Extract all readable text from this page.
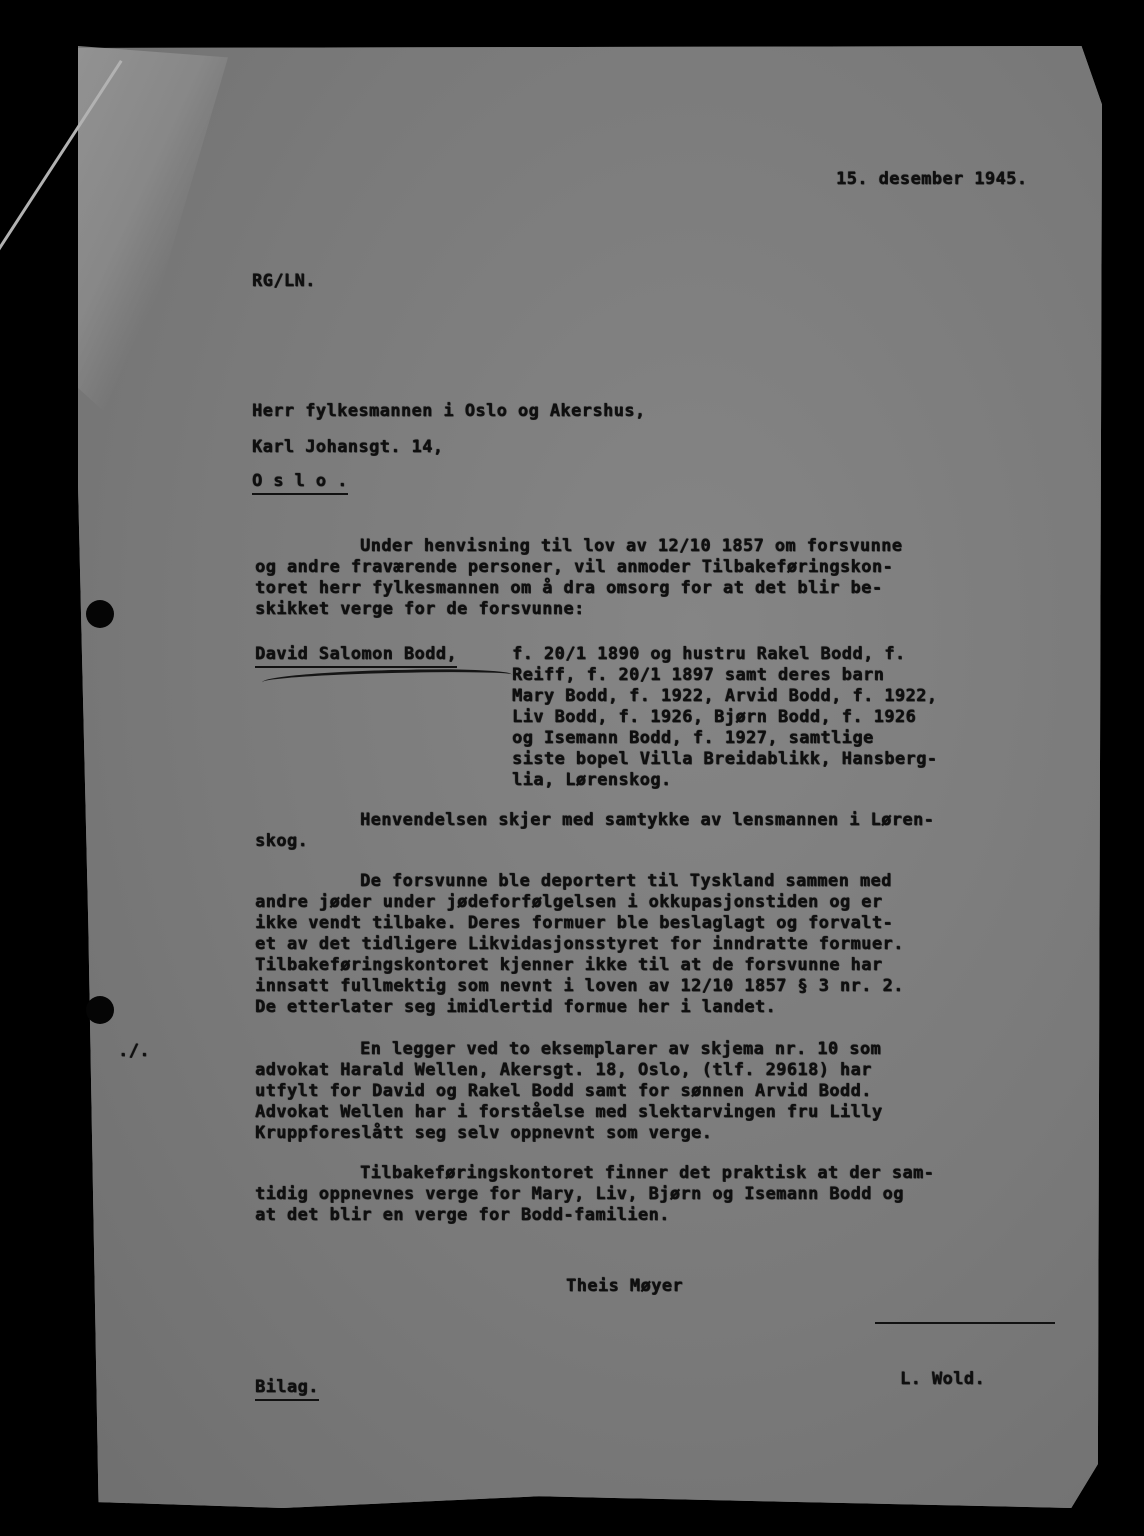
15. desember 1945.
RG/LN.
Herr fylkesmannen i Oslo og Akershus,
Karl Johansgt. 14,
O s l o .
Under henvisning til lov av 12/10 1857 om forsvunne
og andre fraværende personer, vil anmoder Tilbakeføringskon-
toret herr fylkesmannen om å dra omsorg for at det blir be-
skikket verge for de forsvunne:
David Salomon Bodd,	f. 20/1 1890 og hustru Rakel Bodd, f.
Reiff, f. 20/1 1897 samt deres barn
Mary Bodd, f. 1922, Arvid Bodd, f. 1922,
Liv Bodd, f. 1926, Bjørn Bodd, f. 1926
og Isemann Bodd, f. 1927, samtlige
siste bopel Villa Breidablikk, Hansberg-
lia, Lørenskog.
Henvendelsen skjer med samtykke av lensmannen i Løren-
skog.
De forsvunne ble deportert til Tyskland sammen med
andre jøder under jødeforfølgelsen i okkupasjonstiden og er
ikke vendt tilbake. Deres formuer ble beslaglagt og forvalt-
et av det tidligere Likvidasjonsstyret for inndratte formuer.
Tilbakeføringskontoret kjenner ikke til at de forsvunne har
innsatt fullmektig som nevnt i loven av 12/10 1857 § 3 nr. 2.
De etterlater seg imidlertid formue her i landet.
./.	En legger ved to eksemplarer av skjema nr. 10 som
advokat Harald Wellen, Akersgt. 18, Oslo, (tlf. 29618) har
utfylt for David og Rakel Bodd samt for sønnen Arvid Bodd.
Advokat Wellen har i forståelse med slektarvingen fru Lilly
Kruppforeslått seg selv oppnevnt som verge.
Tilbakeføringskontoret finner det praktisk at der sam-
tidig oppnevnes verge for Mary, Liv, Bjørn og Isemann Bodd og
at det blir en verge for Bodd-familien.
Theis Møyer
L. Wold.
Bilag.
